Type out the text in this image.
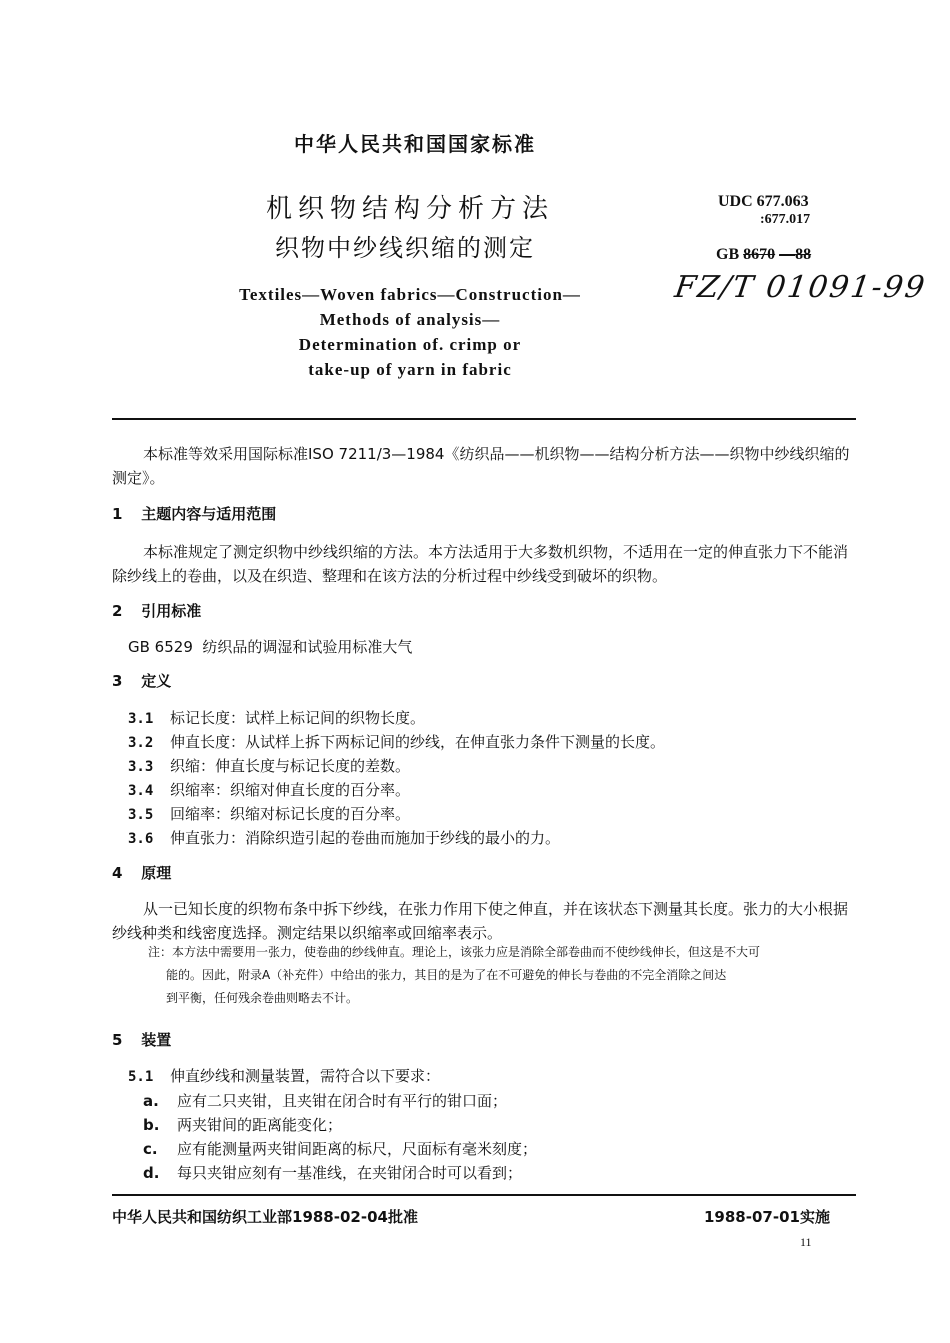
中华人民共和国国家标准
机织物结构分析方法
织物中纱线织缩的测定
Textiles—Woven fabrics—Construction—
Methods of analysis—
Determination of. crimp or
take-up of yarn in fabric
UDC 677.063
:677.017
GB 8670 —88
FZ/T 01091-99
本标准等效采用国际标准ISO 7211/3—1984《纺织品——机织物——结构分析方法——织物中纱线织缩的测定》。
1 主题内容与适用范围
本标准规定了测定织物中纱线织缩的方法。本方法适用于大多数机织物，不适用在一定的伸直张力下不能消除纱线上的卷曲，以及在织造、整理和在该方法的分析过程中纱线受到破坏的织物。
2 引用标准
GB 6529  纺织品的调湿和试验用标准大气
3 定义
3.1 标记长度：试样上标记间的织物长度。
3.2 伸直长度：从试样上拆下两标记间的纱线，在伸直张力条件下测量的长度。
3.3 织缩：伸直长度与标记长度的差数。
3.4 织缩率：织缩对伸直长度的百分率。
3.5 回缩率：织缩对标记长度的百分率。
3.6 伸直张力：消除织造引起的卷曲而施加于纱线的最小的力。
4 原理
从一已知长度的织物布条中拆下纱线，在张力作用下使之伸直，并在该状态下测量其长度。张力的大小根据纱线种类和线密度选择。测定结果以织缩率或回缩率表示。
注：本方法中需要用一张力，使卷曲的纱线伸直。理论上，该张力应是消除全部卷曲而不使纱线伸长，但这是不大可
能的。因此，附录A（补充件）中给出的张力，其目的是为了在不可避免的伸长与卷曲的不完全消除之间达
到平衡，任何残余卷曲则略去不计。
5 装置
5.1 伸直纱线和测量装置，需符合以下要求：
a. 应有二只夹钳，且夹钳在闭合时有平行的钳口面；
b. 两夹钳间的距离能变化；
c. 应有能测量两夹钳间距离的标尺，尺面标有毫米刻度；
d. 每只夹钳应刻有一基准线，在夹钳闭合时可以看到；
中华人民共和国纺织工业部1988-02-04批准	1988-07-01实施
11
